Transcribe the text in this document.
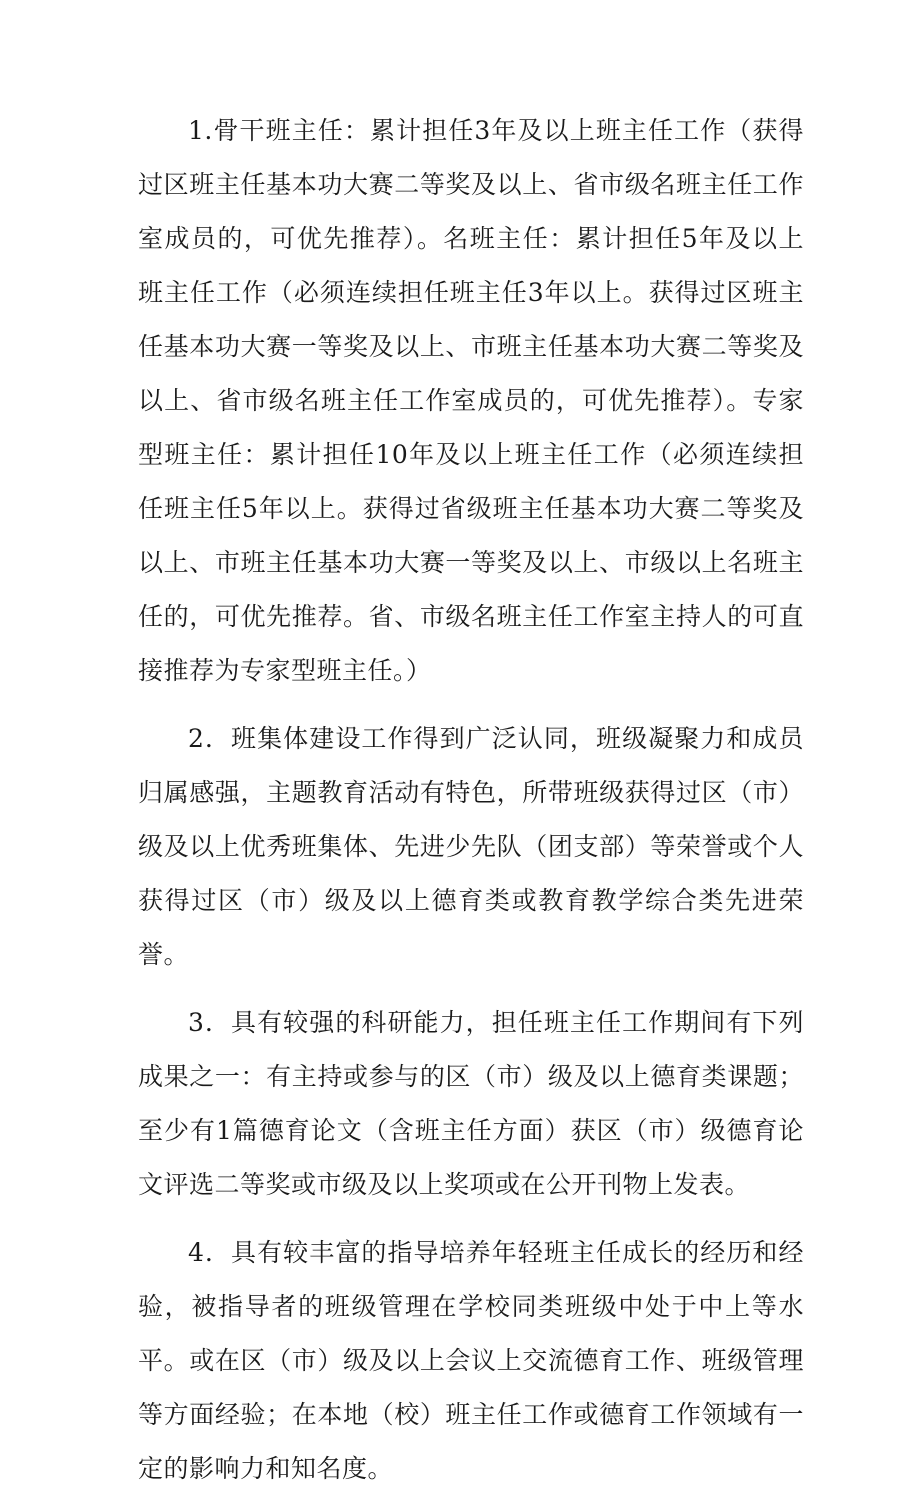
1.骨干班主任：累计担任3年及以上班主任工作（获得过区班主任基本功大赛二等奖及以上、省市级名班主任工作室成员的，可优先推荐）。名班主任：累计担任5年及以上班主任工作（必须连续担任班主任3年以上。获得过区班主任基本功大赛一等奖及以上、市班主任基本功大赛二等奖及以上、省市级名班主任工作室成员的，可优先推荐）。专家型班主任：累计担任10年及以上班主任工作（必须连续担任班主任5年以上。获得过省级班主任基本功大赛二等奖及以上、市班主任基本功大赛一等奖及以上、市级以上名班主任的，可优先推荐。省、市级名班主任工作室主持人的可直接推荐为专家型班主任。）

2．班集体建设工作得到广泛认同，班级凝聚力和成员归属感强，主题教育活动有特色，所带班级获得过区（市）级及以上优秀班集体、先进少先队（团支部）等荣誉或个人获得过区（市）级及以上德育类或教育教学综合类先进荣誉。

3．具有较强的科研能力，担任班主任工作期间有下列成果之一：有主持或参与的区（市）级及以上德育类课题；至少有1篇德育论文（含班主任方面）获区（市）级德育论文评选二等奖或市级及以上奖项或在公开刊物上发表。

4．具有较丰富的指导培养年轻班主任成长的经历和经验，被指导者的班级管理在学校同类班级中处于中上等水平。或在区（市）级及以上会议上交流德育工作、班级管理等方面经验；在本地（校）班主任工作或德育工作领域有一定的影响力和知名度。
